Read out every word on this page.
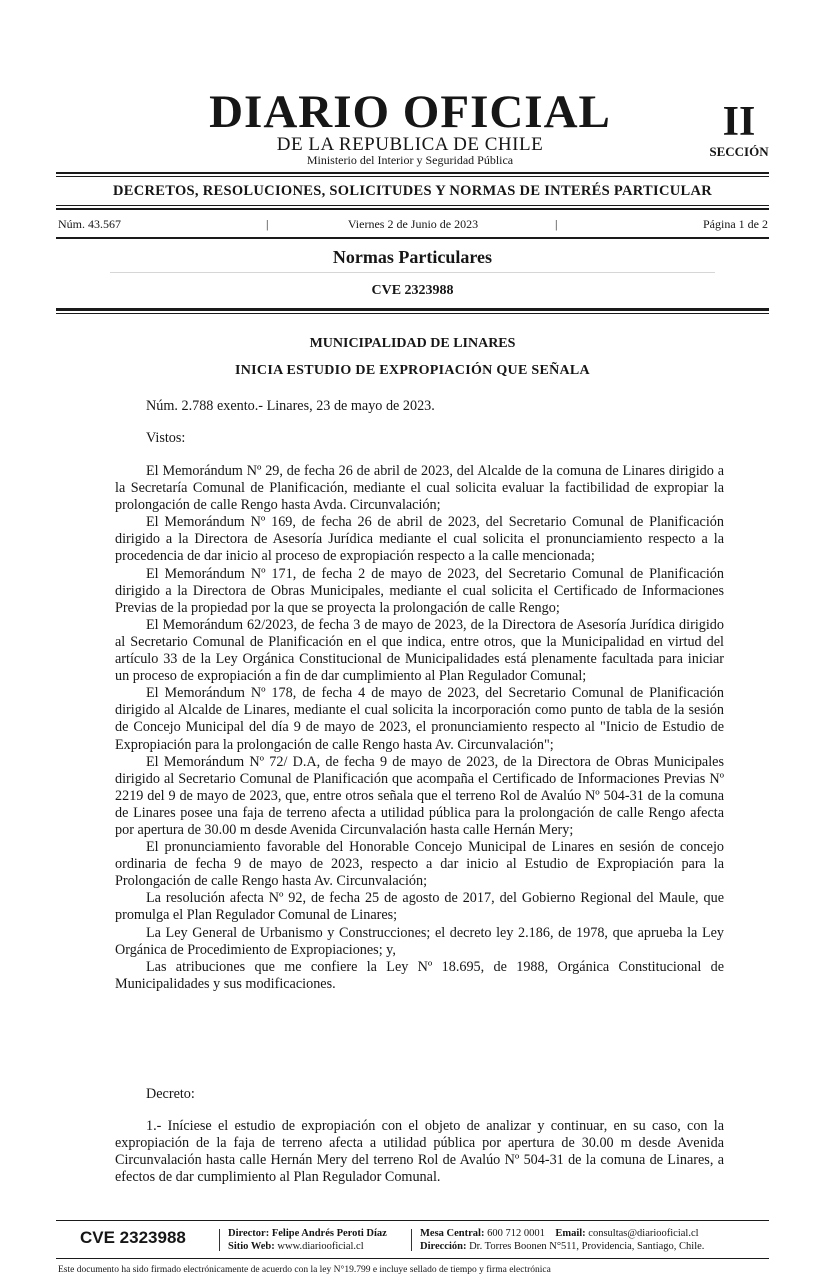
DIARIO OFICIAL
DE LA REPUBLICA DE CHILE
Ministerio del Interior y Seguridad Pública
II
SECCIÓN
DECRETOS, RESOLUCIONES, SOLICITUDES Y NORMAS DE INTERÉS PARTICULAR
Núm. 43.567	Viernes 2 de Junio de 2023
|	|	Página 1 de 2
Normas Particulares
CVE 2323988
MUNICIPALIDAD DE LINARES
INICIA ESTUDIO DE EXPROPIACIÓN QUE SEÑALA
Núm. 2.788 exento.- Linares, 23 de mayo de 2023.
Vistos:

El Memorándum Nº 29, de fecha 26 de abril de 2023, del Alcalde de la comuna de Linares dirigido a la Secretaría Comunal de Planificación, mediante el cual solicita evaluar la factibilidad de expropiar la prolongación de calle Rengo hasta Avda. Circunvalación;

El Memorándum Nº 169, de fecha 26 de abril de 2023, del Secretario Comunal de Planificación dirigido a la Directora de Asesoría Jurídica mediante el cual solicita el pronunciamiento respecto a la procedencia de dar inicio al proceso de expropiación respecto a la calle mencionada;

El Memorándum Nº 171, de fecha 2 de mayo de 2023, del Secretario Comunal de Planificación dirigido a la Directora de Obras Municipales, mediante el cual solicita el Certificado de Informaciones Previas de la propiedad por la que se proyecta la prolongación de calle Rengo;

El Memorándum 62/2023, de fecha 3 de mayo de 2023, de la Directora de Asesoría Jurídica dirigido al Secretario Comunal de Planificación en el que indica, entre otros, que la Municipalidad en virtud del artículo 33 de la Ley Orgánica Constitucional de Municipalidades está plenamente facultada para iniciar un proceso de expropiación a fin de dar cumplimiento al Plan Regulador Comunal;

El Memorándum Nº 178, de fecha 4 de mayo de 2023, del Secretario Comunal de Planificación dirigido al Alcalde de Linares, mediante el cual solicita la incorporación como punto de tabla de la sesión de Concejo Municipal del día 9 de mayo de 2023, el pronunciamiento respecto al "Inicio de Estudio de Expropiación para la prolongación de calle Rengo hasta Av. Circunvalación";

El Memorándum Nº 72/ D.A, de fecha 9 de mayo de 2023, de la Directora de Obras Municipales dirigido al Secretario Comunal de Planificación que acompaña el Certificado de Informaciones Previas Nº 2219 del 9 de mayo de 2023, que, entre otros señala que el terreno Rol de Avalúo Nº 504-31 de la comuna de Linares posee una faja de terreno afecta a utilidad pública para la prolongación de calle Rengo afecta por apertura de 30.00 m desde Avenida Circunvalación hasta calle Hernán Mery;

El pronunciamiento favorable del Honorable Concejo Municipal de Linares en sesión de concejo ordinaria de fecha 9 de mayo de 2023, respecto a dar inicio al Estudio de Expropiación para la Prolongación de calle Rengo hasta Av. Circunvalación;

La resolución afecta Nº 92, de fecha 25 de agosto de 2017, del Gobierno Regional del Maule, que promulga el Plan Regulador Comunal de Linares;

La Ley General de Urbanismo y Construcciones; el decreto ley 2.186, de 1978, que aprueba la Ley Orgánica de Procedimiento de Expropiaciones; y,

Las atribuciones que me confiere la Ley Nº 18.695, de 1988, Orgánica Constitucional de Municipalidades y sus modificaciones.

Decreto:

1.- Iníciese el estudio de expropiación con el objeto de analizar y continuar, en su caso, con la expropiación de la faja de terreno afecta a utilidad pública por apertura de 30.00 m desde Avenida Circunvalación hasta calle Hernán Mery del terreno Rol de Avalúo Nº 504-31 de la comuna de Linares, a efectos de dar cumplimiento al Plan Regulador Comunal.

CVE 2323988	Director: Felipe Andrés Peroti Díaz
Sitio Web: www.diariooficial.cl
Mesa Central: 600 712 0001 Email: consultas@diariooficial.cl
Dirección: Dr. Torres Boonen N°511, Providencia, Santiago, Chile.
Este documento ha sido firmado electrónicamente de acuerdo con la ley N°19.799 e incluye sellado de tiempo y firma electrónica
